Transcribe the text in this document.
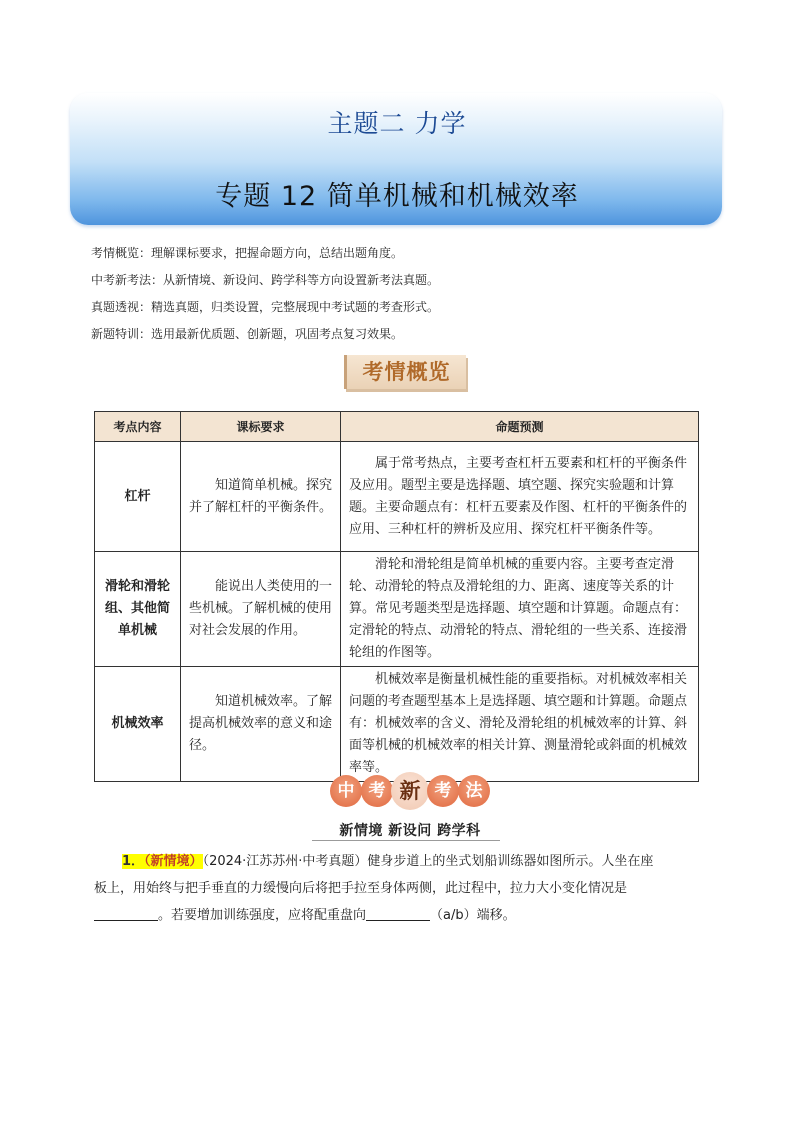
主题二 力学
专题 12 简单机械和机械效率
考情概览：理解课标要求，把握命题方向，总结出题角度。
中考新考法：从新情境、新设问、跨学科等方向设置新考法真题。
真题透视：精选真题，归类设置，完整展现中考试题的考查形式。
新题特训：选用最新优质题、创新题，巩固考点复习效果。
考情概览
考点内容	课标要求	命题预测
杠杆	知道简单机械。探究并了解杠杆的平衡条件。	属于常考热点，主要考查杠杆五要素和杠杆的平衡条件及应用。题型主要是选择题、填空题、探究实验题和计算题。主要命题点有：杠杆五要素及作图、杠杆的平衡条件的应用、三种杠杆的辨析及应用、探究杠杆平衡条件等。
滑轮和滑轮组、其他简单机械	能说出人类使用的一些机械。了解机械的使用对社会发展的作用。	滑轮和滑轮组是简单机械的重要内容。主要考查定滑轮、动滑轮的特点及滑轮组的力、距离、速度等关系的计算。常见考题类型是选择题、填空题和计算题。命题点有：定滑轮的特点、动滑轮的特点、滑轮组的一些关系、连接滑轮组的作图等。
机械效率	知道机械效率。了解提高机械效率的意义和途径。	机械效率是衡量机械性能的重要指标。对机械效率相关问题的考查题型基本上是选择题、填空题和计算题。命题点有：机械效率的含义、滑轮及滑轮组的机械效率的计算、斜面等机械的机械效率的相关计算、测量滑轮或斜面的机械效率等。
中 考 新 考 法
新情境 新设问 跨学科
1．（新情境）（2024·江苏苏州·中考真题）健身步道上的坐式划船训练器如图所示。人坐在座
板上，用始终与把手垂直的力缓慢向后将把手拉至身体两侧，此过程中，拉力大小变化情况是
。若要增加训练强度，应将配重盘向	（a/b）端移。
